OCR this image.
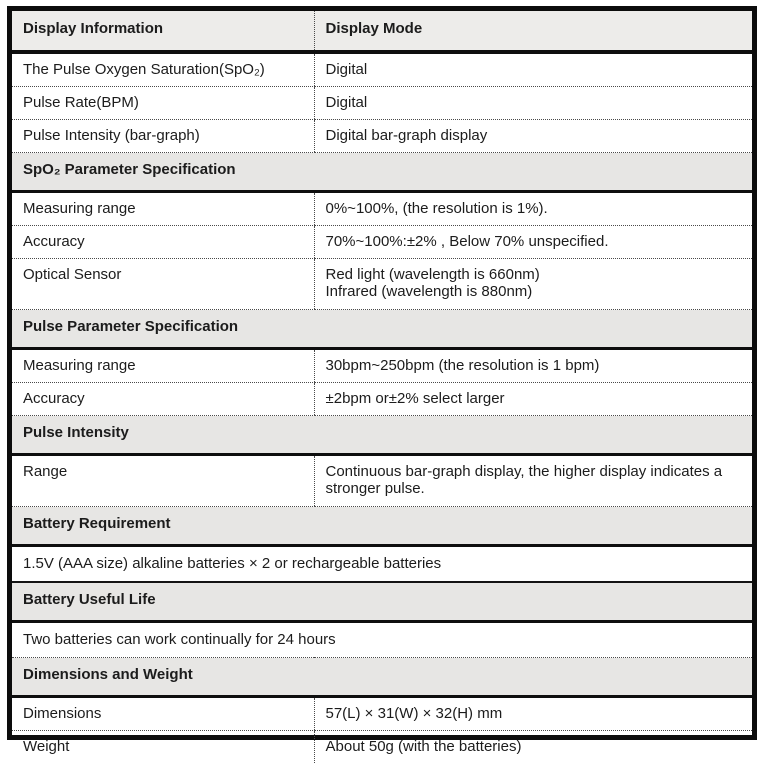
Display Information	Display Mode
The Pulse Oxygen Saturation(SpO₂)	Digital
Pulse Rate(BPM)	Digital
Pulse Intensity (bar-graph)	Digital bar-graph display
SpO₂ Parameter Specification	
Measuring range	0%~100%, (the resolution is 1%).
Accuracy	70%~100%:±2% , Below 70% unspecified.
Optical Sensor	Red light (wavelength is 660nm)
Infrared (wavelength is 880nm)

Pulse Parameter Specification	
Measuring range	30bpm~250bpm (the resolution is 1 bpm)
Accuracy	±2bpm or±2% select larger
Pulse Intensity	
Range	Continuous bar-graph display, the higher display indicates a stronger pulse.
Battery Requirement	
1.5V (AAA size) alkaline batteries × 2 or rechargeable batteries	
Battery Useful Life	
Two batteries can work continually for 24 hours	
Dimensions and Weight	
Dimensions	57(L) × 31(W) × 32(H) mm
Weight	About 50g (with the batteries)
